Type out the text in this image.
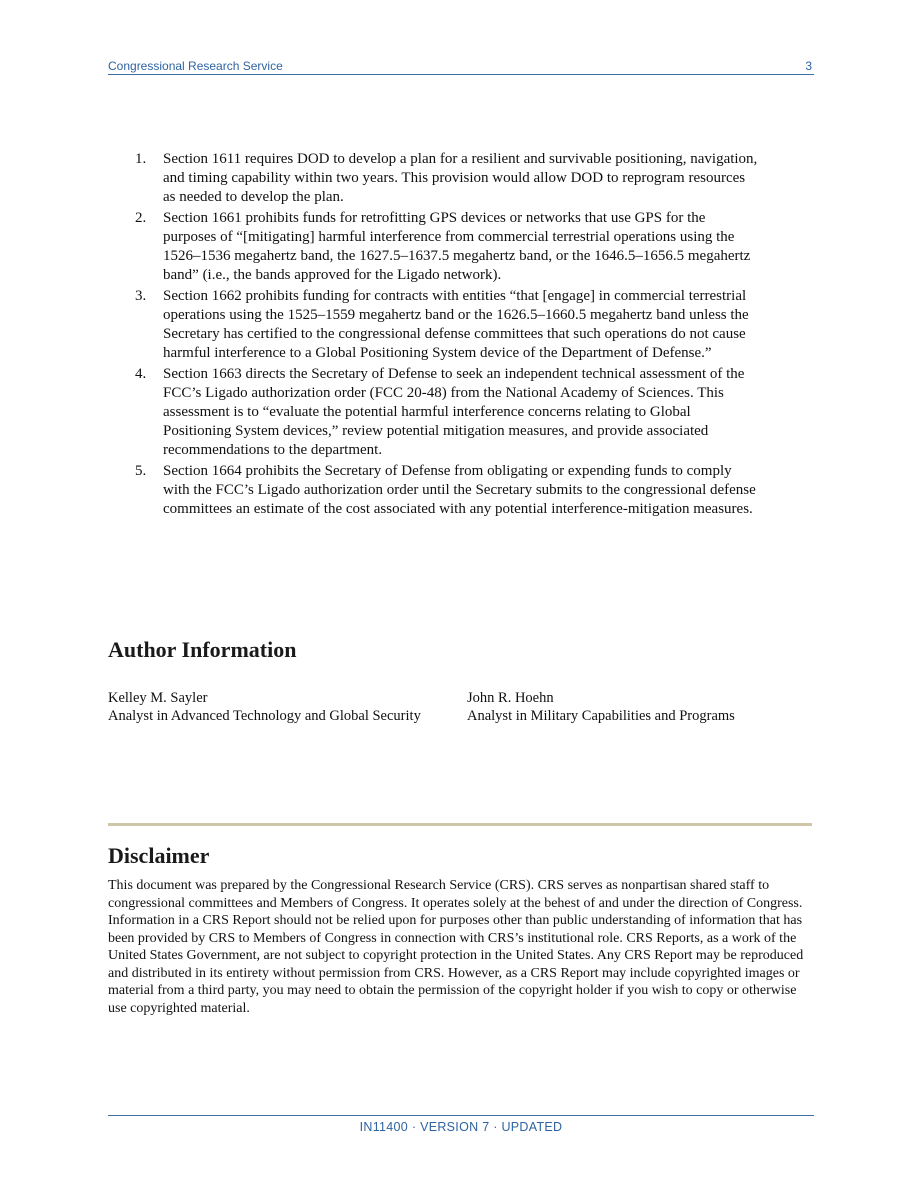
Congressional Research Service	3
1. Section 1611 requires DOD to develop a plan for a resilient and survivable positioning, navigation, and timing capability within two years. This provision would allow DOD to reprogram resources as needed to develop the plan.
2. Section 1661 prohibits funds for retrofitting GPS devices or networks that use GPS for the purposes of “[mitigating] harmful interference from commercial terrestrial operations using the 1526–1536 megahertz band, the 1627.5–1637.5 megahertz band, or the 1646.5–1656.5 megahertz band” (i.e., the bands approved for the Ligado network).
3. Section 1662 prohibits funding for contracts with entities “that [engage] in commercial terrestrial operations using the 1525–1559 megahertz band or the 1626.5–1660.5 megahertz band unless the Secretary has certified to the congressional defense committees that such operations do not cause harmful interference to a Global Positioning System device of the Department of Defense.”
4. Section 1663 directs the Secretary of Defense to seek an independent technical assessment of the FCC’s Ligado authorization order (FCC 20-48) from the National Academy of Sciences. This assessment is to “evaluate the potential harmful interference concerns relating to Global Positioning System devices,” review potential mitigation measures, and provide associated recommendations to the department.
5. Section 1664 prohibits the Secretary of Defense from obligating or expending funds to comply with the FCC’s Ligado authorization order until the Secretary submits to the congressional defense committees an estimate of the cost associated with any potential interference-mitigation measures.
Author Information
Kelley M. Sayler
Analyst in Advanced Technology and Global Security
John R. Hoehn
Analyst in Military Capabilities and Programs
Disclaimer

This document was prepared by the Congressional Research Service (CRS). CRS serves as nonpartisan shared staff to congressional committees and Members of Congress. It operates solely at the behest of and under the direction of Congress. Information in a CRS Report should not be relied upon for purposes other than public understanding of information that has been provided by CRS to Members of Congress in connection with CRS’s institutional role. CRS Reports, as a work of the United States Government, are not subject to copyright protection in the United States. Any CRS Report may be reproduced and distributed in its entirety without permission from CRS. However, as a CRS Report may include copyrighted images or material from a third party, you may need to obtain the permission of the copyright holder if you wish to copy or otherwise use copyrighted material.

IN11400 · VERSION 7 · UPDATED
